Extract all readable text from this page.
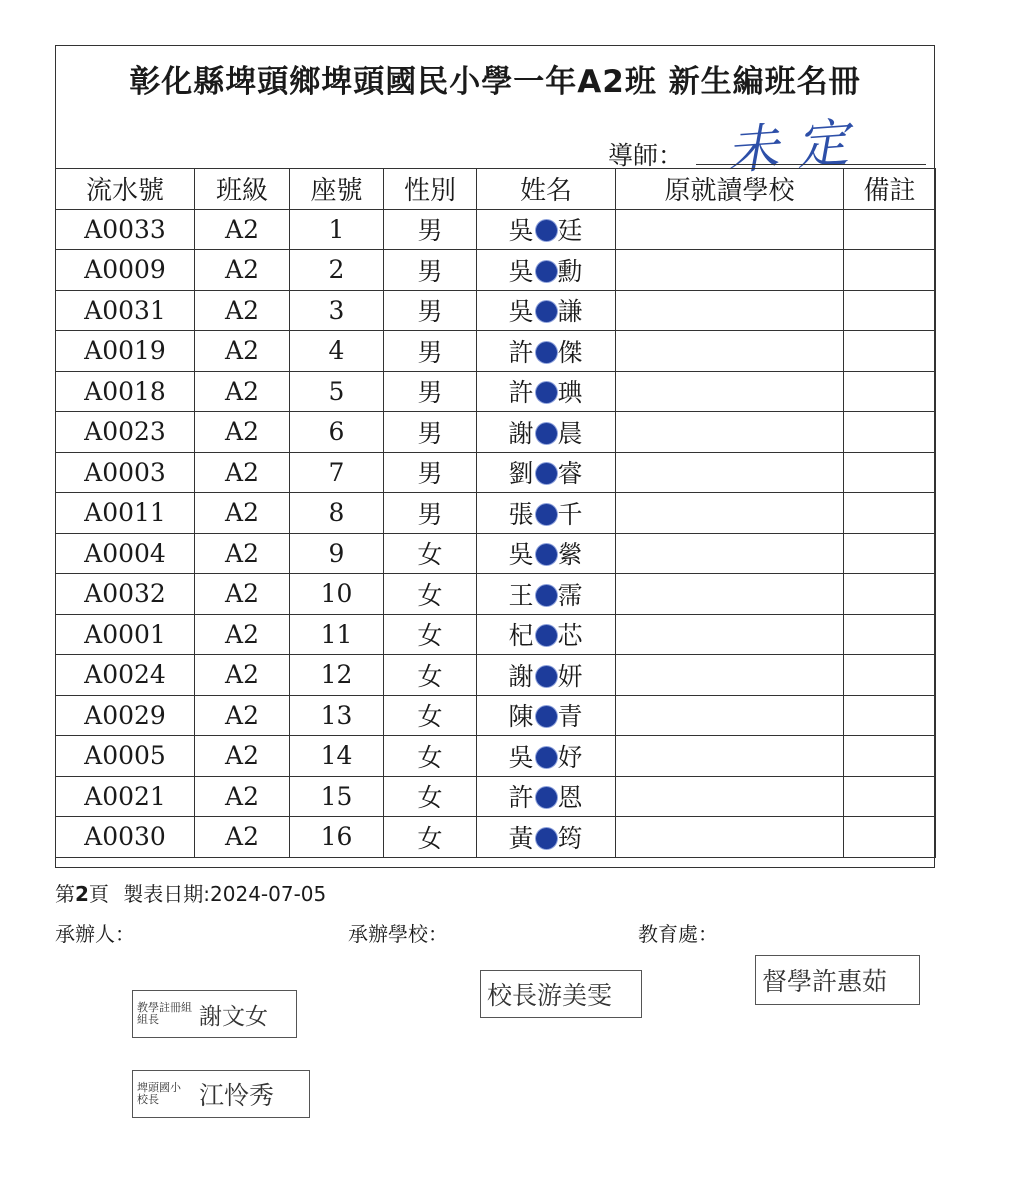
彰化縣埤頭鄉埤頭國民小學一年A2班 新生編班名冊
導師： 未定
流水號	班級	座號	性別	姓名	原就讀學校	備註
A0033	A2	1	男	吳 廷		
A0009	A2	2	男	吳 勳		
A0031	A2	3	男	吳 謙		
A0019	A2	4	男	許 傑		
A0018	A2	5	男	許 琠		
A0023	A2	6	男	謝 晨		
A0003	A2	7	男	劉 睿		
A0011	A2	8	男	張 千		
A0004	A2	9	女	吳 縈		
A0032	A2	10	女	王 霈		
A0001	A2	11	女	杞 芯		
A0024	A2	12	女	謝 妍		
A0029	A2	13	女	陳 青		
A0005	A2	14	女	吳 妤		
A0021	A2	15	女	許 恩		
A0030	A2	16	女	黃 筠		
第2頁 製表日期:2024-07-05
承辦人：	承辦學校：	教育處：
校長游美雯	督學許惠茹
教學註冊組 組長	謝文女
埤頭國小 校長	江怜秀
